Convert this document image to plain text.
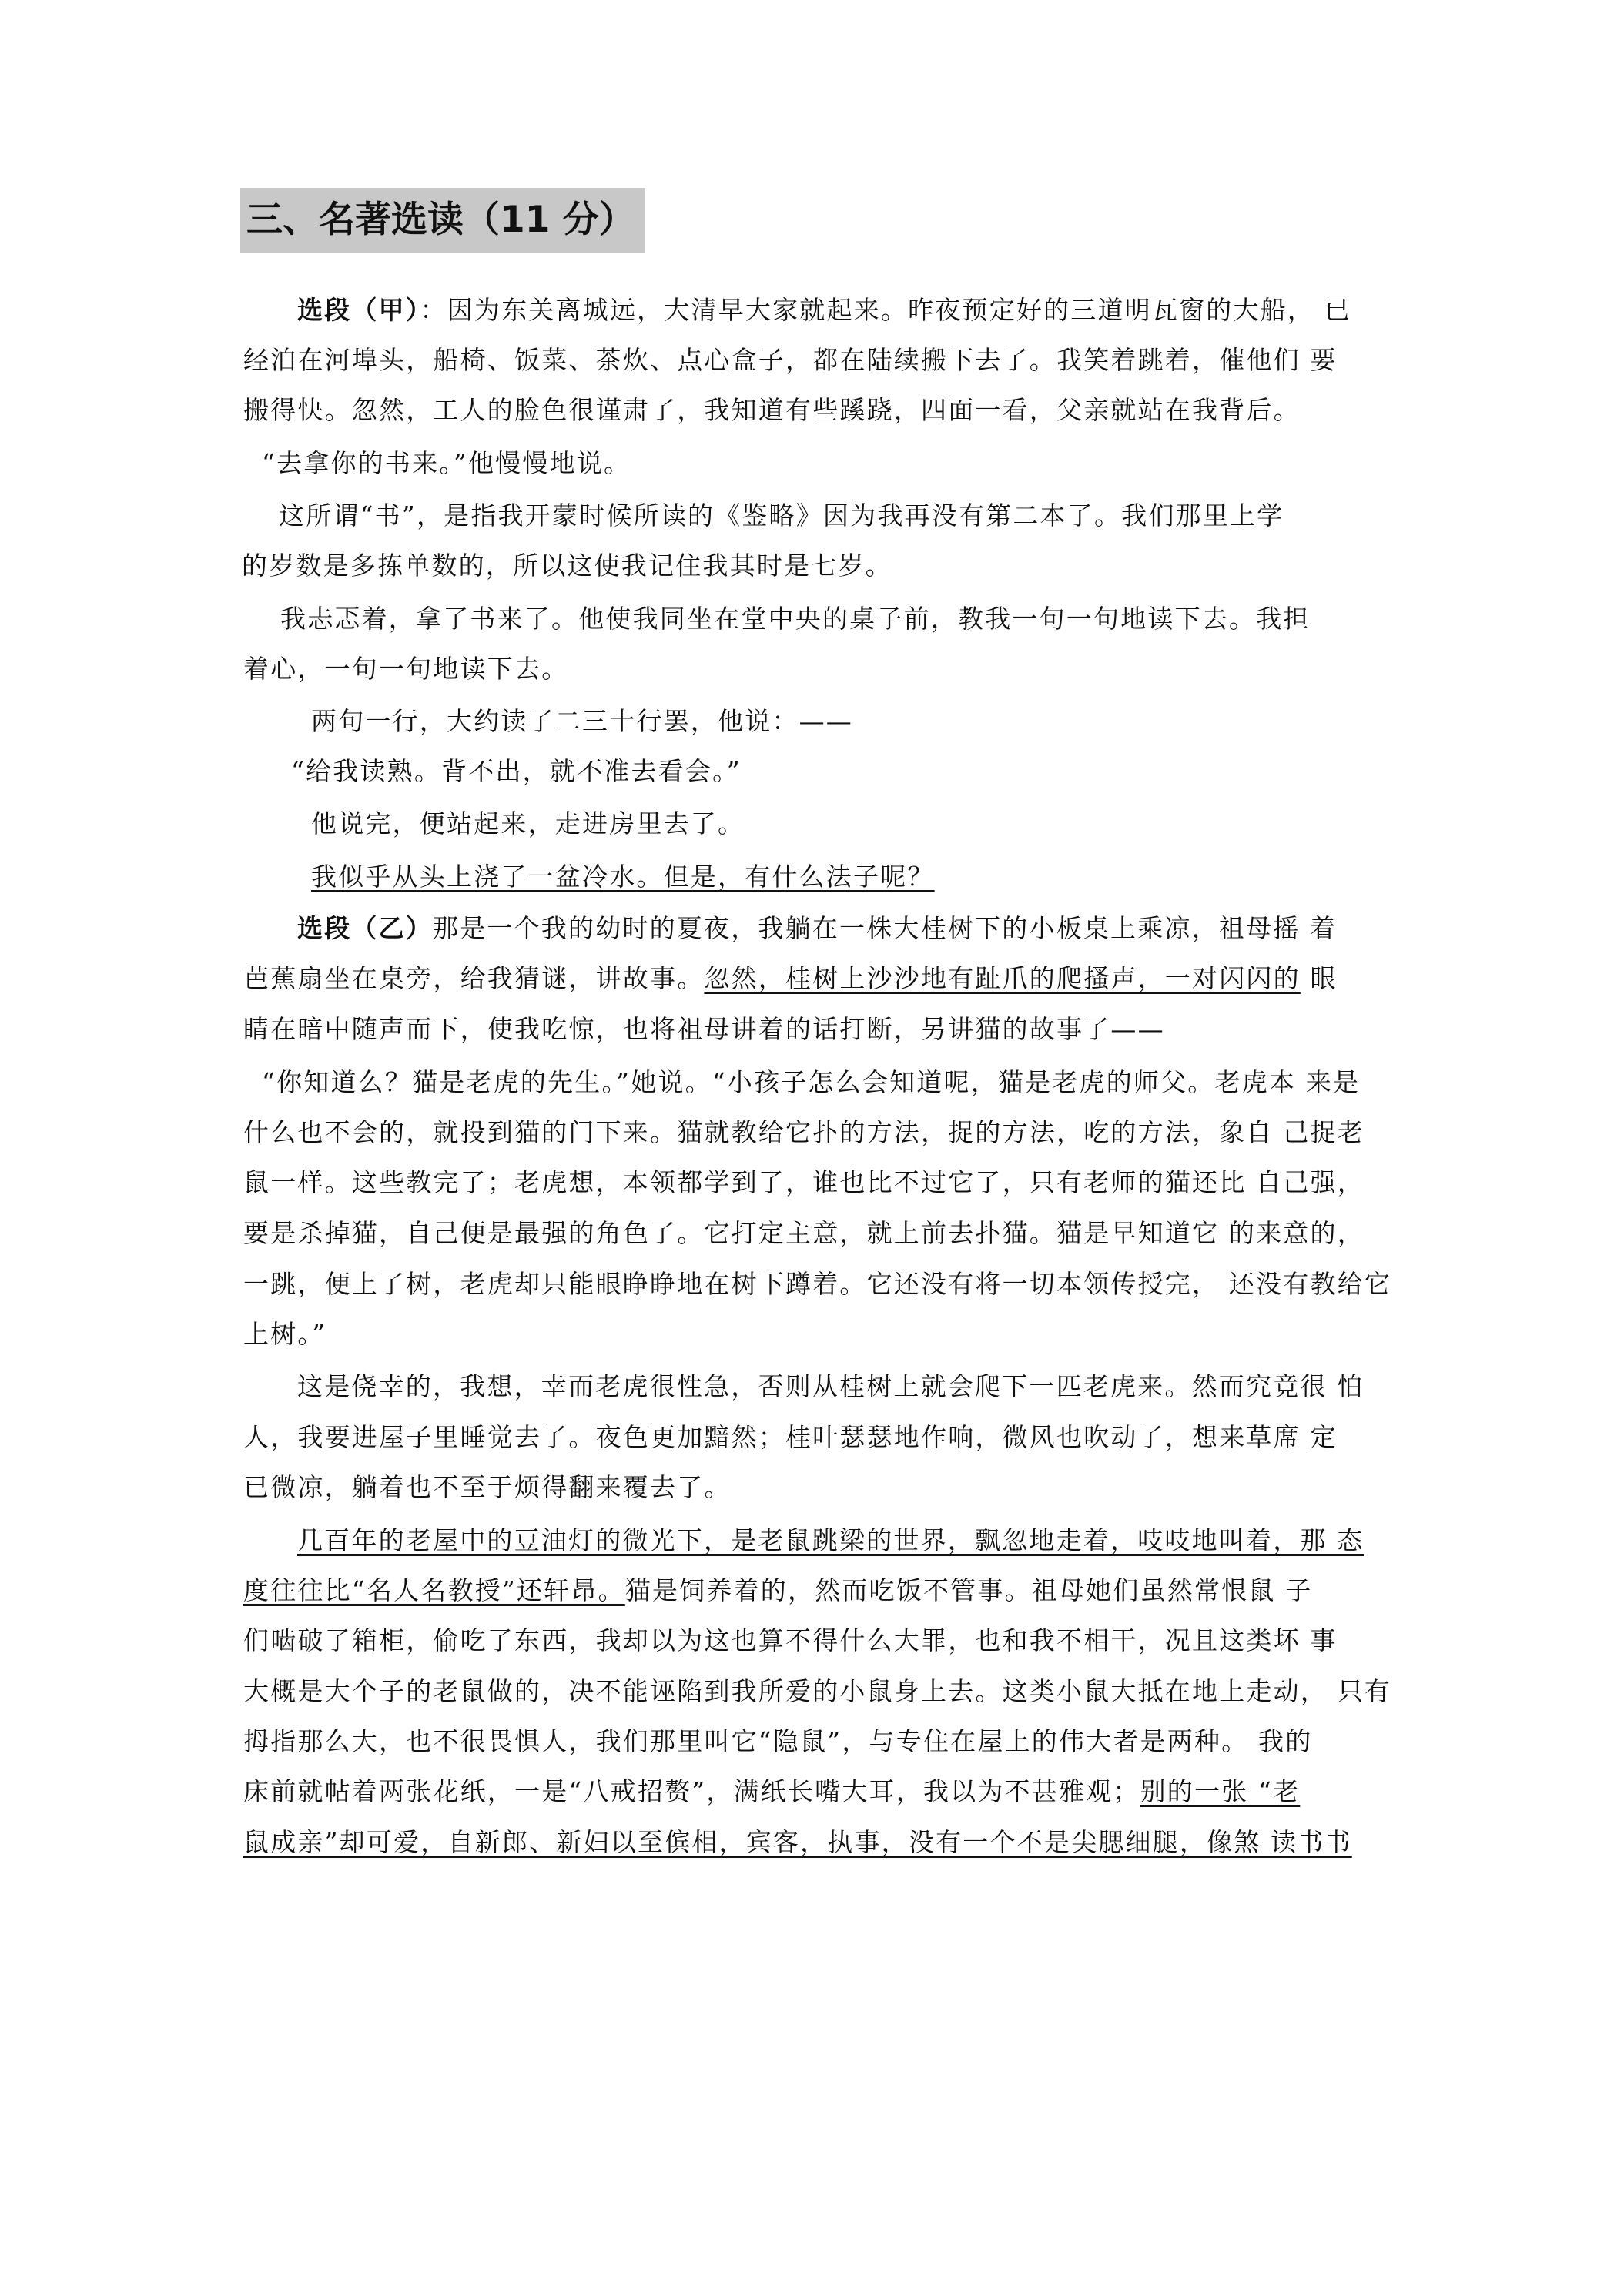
三、名著选读（11 分）
选段（甲）：因为东关离城远，大清早大家就起来。昨夜预定好的三道明瓦窗的大船， 已
经泊在河埠头，船椅、饭菜、茶炊、点心盒子，都在陆续搬下去了。我笑着跳着，催他们 要
搬得快。忽然，工人的脸色很谨肃了，我知道有些蹊跷，四面一看，父亲就站在我背后。
“去拿你的书来。”他慢慢地说。
这所谓“书”，是指我开蒙时候所读的《鉴略》因为我再没有第二本了。我们那里上学
的岁数是多拣单数的，所以这使我记住我其时是七岁。
我忐忑着，拿了书来了。他使我同坐在堂中央的桌子前，教我一句一句地读下去。我担
着心，一句一句地读下去。
两句一行，大约读了二三十行罢，他说：——
“给我读熟。背不出，就不准去看会。”
他说完，便站起来，走进房里去了。
我似乎从头上浇了一盆冷水。但是，有什么法子呢？
选段（乙）那是一个我的幼时的夏夜，我躺在一株大桂树下的小板桌上乘凉，祖母摇 着
芭蕉扇坐在桌旁，给我猜谜，讲故事。忽然，桂树上沙沙地有趾爪的爬搔声，一对闪闪的 眼
睛在暗中随声而下，使我吃惊，也将祖母讲着的话打断，另讲猫的故事了——
“你知道么？猫是老虎的先生。”她说。“小孩子怎么会知道呢，猫是老虎的师父。老虎本 来是
什么也不会的，就投到猫的门下来。猫就教给它扑的方法，捉的方法，吃的方法，象自 己捉老
鼠一样。这些教完了；老虎想，本领都学到了，谁也比不过它了，只有老师的猫还比 自己强，
要是杀掉猫，自己便是最强的角色了。它打定主意，就上前去扑猫。猫是早知道它 的来意的，
一跳，便上了树，老虎却只能眼睁睁地在树下蹲着。它还没有将一切本领传授完， 还没有教给它
上树。”
这是侥幸的，我想，幸而老虎很性急，否则从桂树上就会爬下一匹老虎来。然而究竟很 怕
人，我要进屋子里睡觉去了。夜色更加黯然；桂叶瑟瑟地作响，微风也吹动了，想来草席 定
已微凉，躺着也不至于烦得翻来覆去了。
几百年的老屋中的豆油灯的微光下，是老鼠跳梁的世界，飘忽地走着，吱吱地叫着，那 态
度往往比“名人名教授”还轩昂。猫是饲养着的，然而吃饭不管事。祖母她们虽然常恨鼠 子
们啮破了箱柜，偷吃了东西，我却以为这也算不得什么大罪，也和我不相干，况且这类坏 事
大概是大个子的老鼠做的，决不能诬陷到我所爱的小鼠身上去。这类小鼠大抵在地上走动， 只有
拇指那么大，也不很畏惧人，我们那里叫它“隐鼠”，与专住在屋上的伟大者是两种。 我的
床前就帖着两张花纸，一是“八戒招赘”，满纸长嘴大耳，我以为不甚雅观；别的一张 “老
鼠成亲”却可爱，自新郎、新妇以至傧相，宾客，执事，没有一个不是尖腮细腿，像煞 读书书
